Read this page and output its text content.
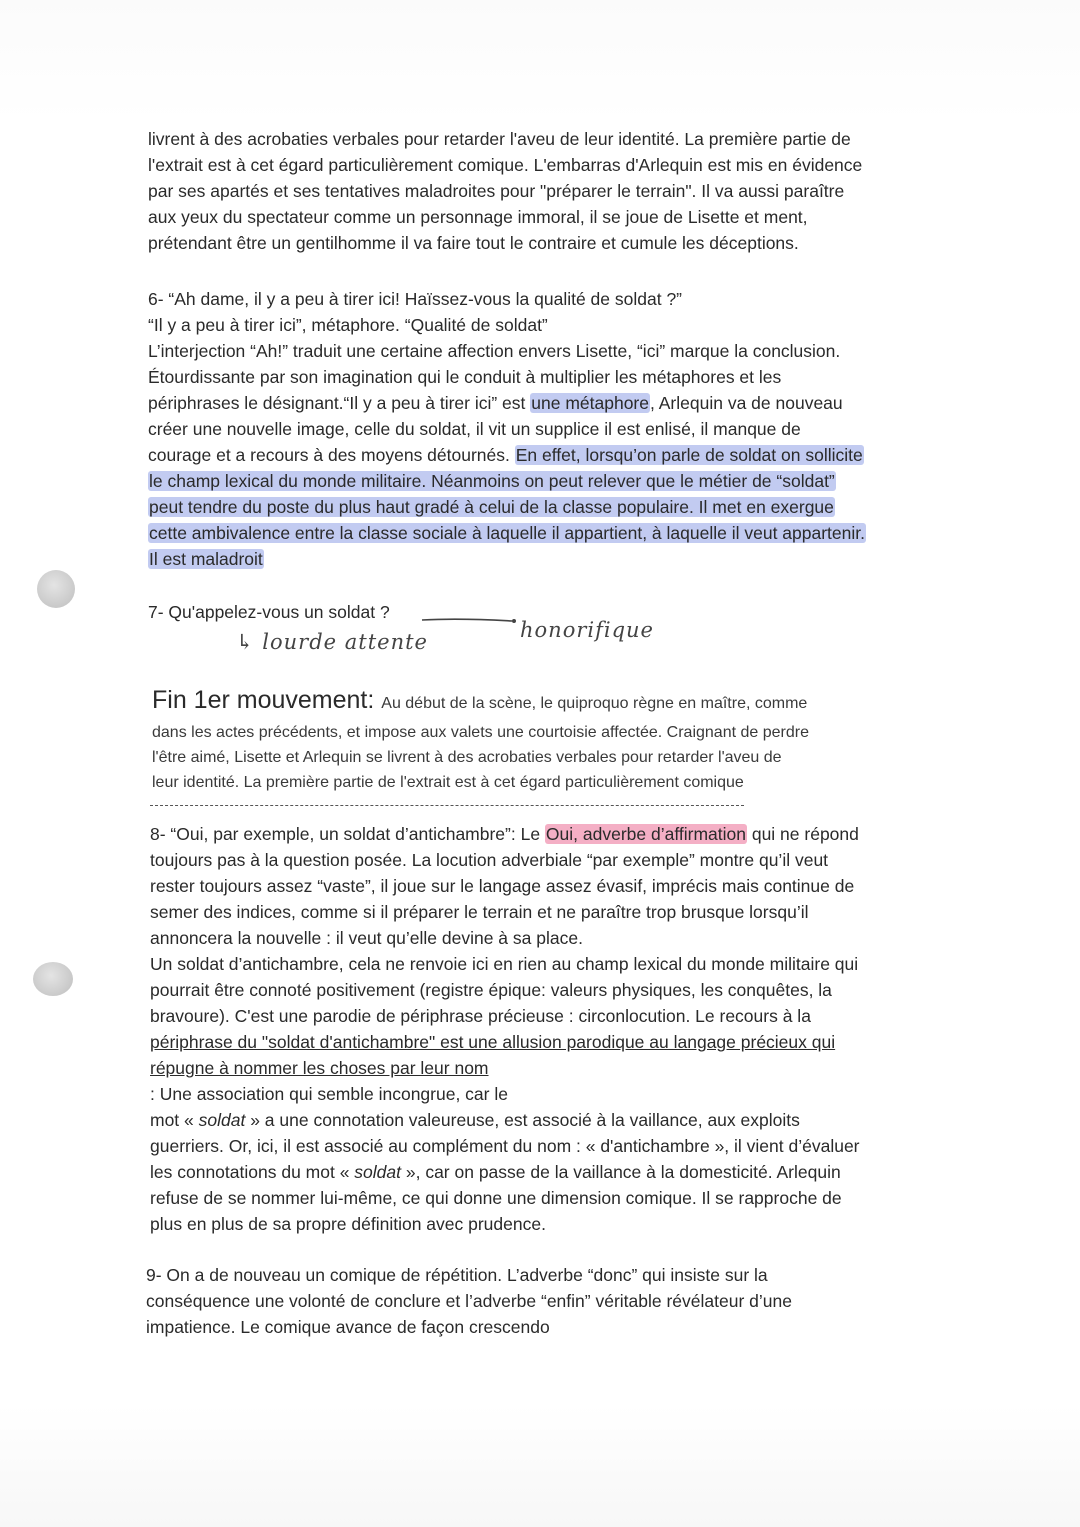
livrent à des acrobaties verbales pour retarder l'aveu de leur identité. La première partie de
l'extrait est à cet égard particulièrement comique. L'embarras d'Arlequin est mis en évidence
par ses apartés et ses tentatives maladroites pour "préparer le terrain". Il va aussi paraître
aux yeux du spectateur comme un personnage immoral, il se joue de Lisette et ment,
prétendant être un gentilhomme il va faire tout le contraire et cumule les déceptions.
6- “Ah dame, il y a peu à tirer ici! Haïssez-vous la qualité de soldat ?”
“Il y a peu à tirer ici”, métaphore. “Qualité de soldat”
L’interjection “Ah!” traduit une certaine affection envers Lisette, “ici” marque la conclusion.
Étourdissante par son imagination qui le conduit à multiplier les métaphores et les
périphrases le désignant.“Il y a peu à tirer ici” est une métaphore, Arlequin va de nouveau
créer une nouvelle image, celle du soldat, il vit un supplice il est enlisé, il manque de
courage et a recours à des moyens détournés. En effet, lorsqu’on parle de soldat on sollicite
le champ lexical du monde militaire. Néanmoins on peut relever que le métier de “soldat”
peut tendre du poste du plus haut gradé à celui de la classe populaire. Il met en exergue
cette ambivalence entre la classe sociale à laquelle il appartient, à laquelle il veut appartenir.
Il est maladroit
7- Qu'appelez-vous un soldat ?
↳ lourde attente	honorifique
Fin 1er mouvement: Au début de la scène, le quiproquo règne en maître, comme
dans les actes précédents, et impose aux valets une courtoisie affectée. Craignant de perdre
l'être aimé, Lisette et Arlequin se livrent à des acrobaties verbales pour retarder l'aveu de
leur identité. La première partie de l'extrait est à cet égard particulièrement comique
8- “Oui, par exemple, un soldat d’antichambre”: Le Oui, adverbe d’affirmation qui ne répond
toujours pas à la question posée. La locution adverbiale “par exemple” montre qu’il veut
rester toujours assez “vaste”, il joue sur le langage assez évasif, imprécis mais continue de
semer des indices, comme si il préparer le terrain et ne paraître trop brusque lorsqu’il
annoncera la nouvelle : il veut qu’elle devine à sa place.
Un soldat d’antichambre, cela ne renvoie ici en rien au champ lexical du monde militaire qui
pourrait être connoté positivement (registre épique: valeurs physiques, les conquêtes, la
bravoure). C'est une parodie de périphrase précieuse : circonlocution. Le recours à la
périphrase du "soldat d'antichambre" est une allusion parodique au langage précieux qui
répugne à nommer les choses par leur nom
: Une association qui semble incongrue, car le
mot « soldat » a une connotation valeureuse, est associé à la vaillance, aux exploits
guerriers. Or, ici, il est associé au complément du nom : « d'antichambre », il vient d’évaluer
les connotations du mot « soldat », car on passe de la vaillance à la domesticité. Arlequin
refuse de se nommer lui-même, ce qui donne une dimension comique. Il se rapproche de
plus en plus de sa propre définition avec prudence.
9- On a de nouveau un comique de répétition. L’adverbe “donc” qui insiste sur la
conséquence une volonté de conclure et l’adverbe “enfin” véritable révélateur d’une
impatience. Le comique avance de façon crescendo
